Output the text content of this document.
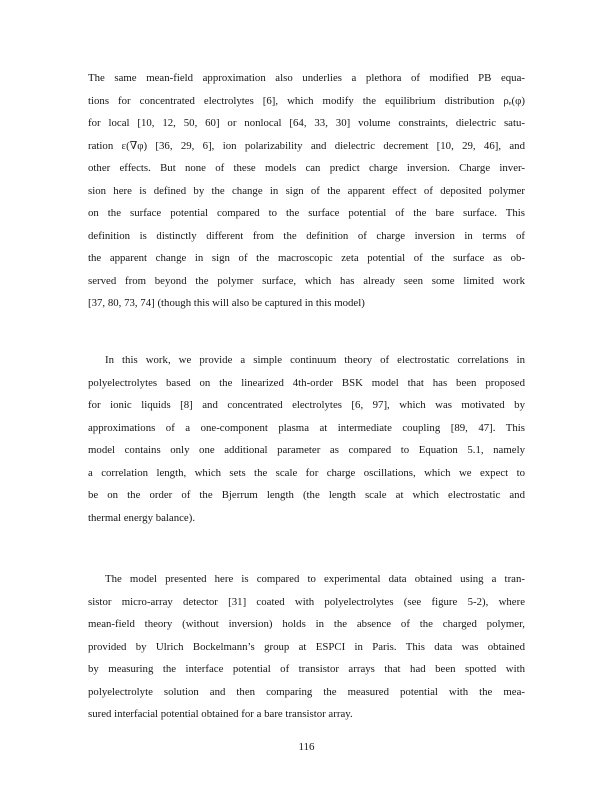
The same mean-field approximation also underlies a plethora of modified PB equa-
tions for concentrated electrolytes [6], which modify the equilibrium distribution ρₑ(φ)
for local [10, 12, 50, 60] or nonlocal [64, 33, 30] volume constraints, dielectric satu-
ration ε(∇φ) [36, 29, 6], ion polarizability and dielectric decrement [10, 29, 46], and
other effects. But none of these models can predict charge inversion. Charge inver-
sion here is defined by the change in sign of the apparent effect of deposited polymer
on the surface potential compared to the surface potential of the bare surface. This
definition is distinctly different from the definition of charge inversion in terms of
the apparent change in sign of the macroscopic zeta potential of the surface as ob-
served from beyond the polymer surface, which has already seen some limited work
[37, 80, 73, 74] (though this will also be captured in this model)
In this work, we provide a simple continuum theory of electrostatic correlations in
polyelectrolytes based on the linearized 4th-order BSK model that has been proposed
for ionic liquids [8] and concentrated electrolytes [6, 97], which was motivated by
approximations of a one-component plasma at intermediate coupling [89, 47]. This
model contains only one additional parameter as compared to Equation 5.1, namely
a correlation length, which sets the scale for charge oscillations, which we expect to
be on the order of the Bjerrum length (the length scale at which electrostatic and
thermal energy balance).
The model presented here is compared to experimental data obtained using a tran-
sistor micro-array detector [31] coated with polyelectrolytes (see figure 5-2), where
mean-field theory (without inversion) holds in the absence of the charged polymer,
provided by Ulrich Bockelmann’s group at ESPCI in Paris. This data was obtained
by measuring the interface potential of transistor arrays that had been spotted with
polyelectrolyte solution and then comparing the measured potential with the mea-
sured interfacial potential obtained for a bare transistor array.
116
